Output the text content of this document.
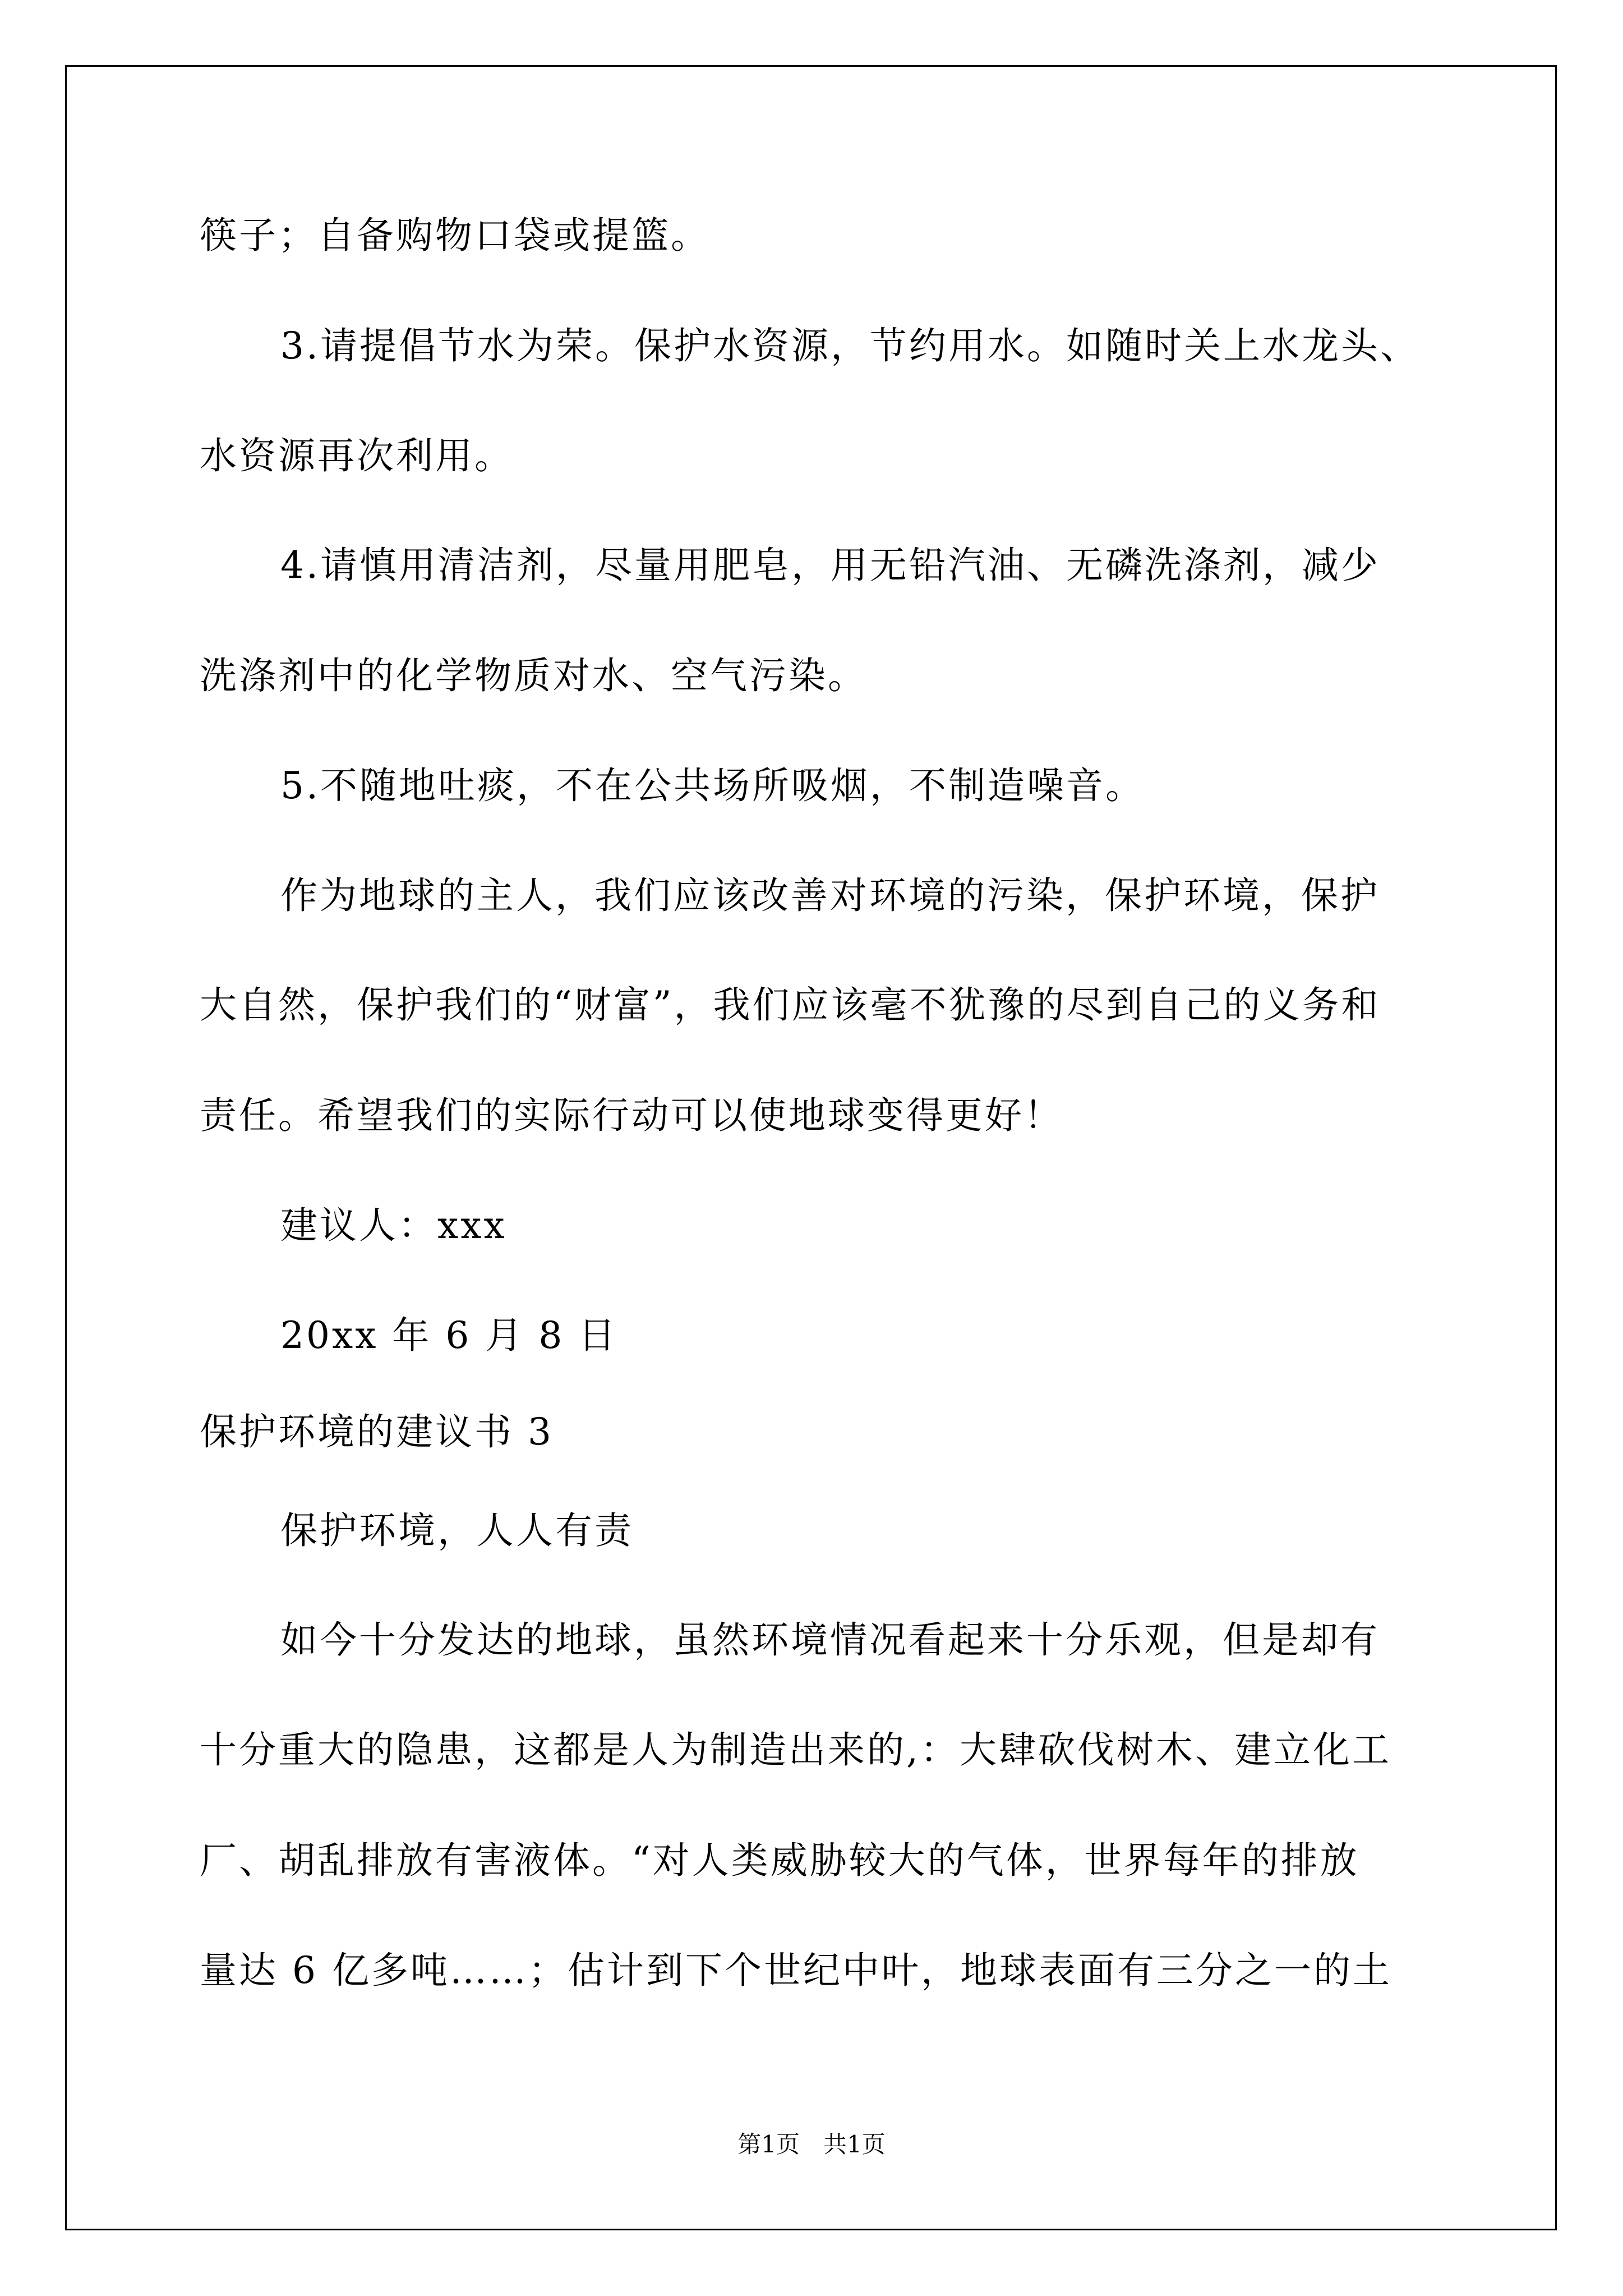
筷子；自备购物口袋或提篮。
3.请提倡节水为荣。保护水资源，节约用水。如随时关上水龙头、
水资源再次利用。
4.请慎用清洁剂，尽量用肥皂，用无铅汽油、无磷洗涤剂，减少
洗涤剂中的化学物质对水、空气污染。
5.不随地吐痰，不在公共场所吸烟，不制造噪音。
作为地球的主人，我们应该改善对环境的污染，保护环境，保护
大自然，保护我们的“财富”，我们应该毫不犹豫的尽到自己的义务和
责任。希望我们的实际行动可以使地球变得更好！
建议人：xxx
20xx 年 6 月 8 日
保护环境的建议书 3
保护环境，人人有责
如今十分发达的地球，虽然环境情况看起来十分乐观，但是却有
十分重大的隐患，这都是人为制造出来的,：大肆砍伐树木、建立化工
厂、胡乱排放有害液体。“对人类威胁较大的气体，世界每年的排放
量达 6 亿多吨……；估计到下个世纪中叶，地球表面有三分之一的土
第1页　共1页
